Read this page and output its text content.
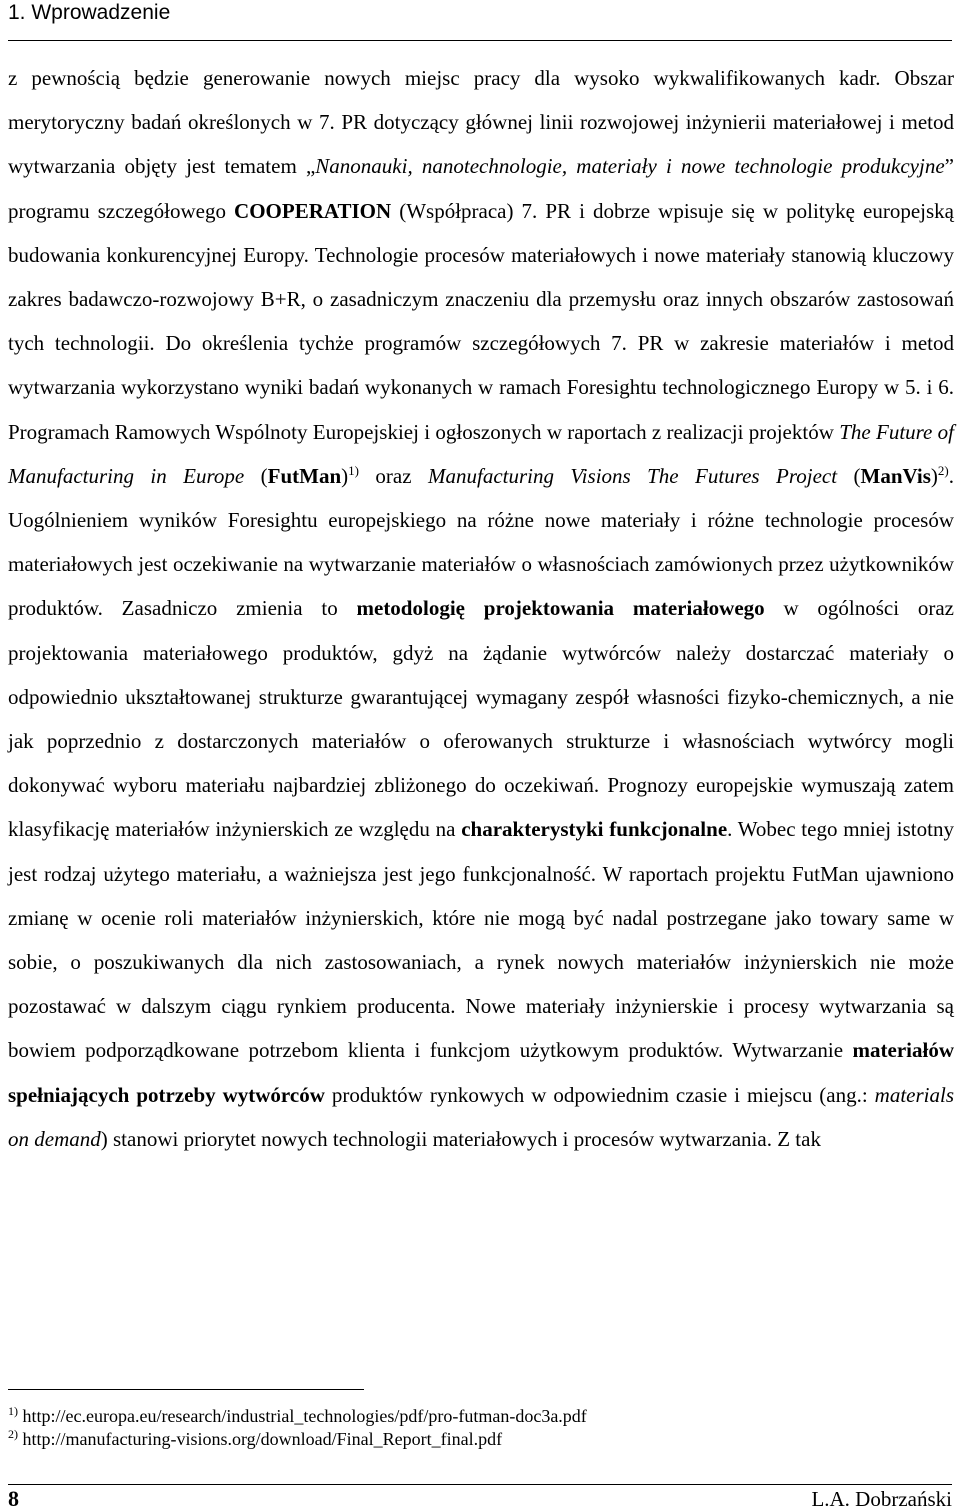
1. Wprowadzenie

z pewnością będzie generowanie nowych miejsc pracy dla wysoko wykwalifikowanych kadr. Obszar merytoryczny badań określonych w 7. PR dotyczący głównej linii rozwojowej inżynierii materiałowej i metod wytwarzania objęty jest tematem „Nanonauki, nanotechnologie, materiały i nowe technologie produkcyjne” programu szczegółowego COOPERATION (Współpraca) 7. PR i dobrze wpisuje się w politykę europejską budowania konkurencyjnej Europy. Technologie procesów materiałowych i nowe materiały stanowią kluczowy zakres badawczo-rozwojowy B+R, o zasadniczym znaczeniu dla przemysłu oraz innych obszarów zastosowań tych technologii. Do określenia tychże programów szczegółowych 7. PR w zakresie materiałów i metod wytwarzania wykorzystano wyniki badań wykonanych w ramach Foresightu technologicznego Europy w 5. i 6. Programach Ramowych Wspólnoty Europejskiej i ogłoszonych w raportach z realizacji projektów The Future of Manufacturing in Europe (FutMan)$^{1)}$ oraz Manufacturing Visions The Futures Project (ManVis)$^{2)}$. Uogólnieniem wyników Foresightu europejskiego na różne nowe materiały i różne technologie procesów materiałowych jest oczekiwanie na wytwarzanie materiałów o własnościach zamówionych przez użytkowników produktów. Zasadniczo zmienia to metodologię projektowania materiałowego w ogólności oraz projektowania materiałowego produktów, gdyż na żądanie wytwórców należy dostarczać materiały o odpowiednio ukształtowanej strukturze gwarantującej wymagany zespół własności fizyko-chemicznych, a nie jak poprzednio z dostarczonych materiałów o oferowanych strukturze i własnościach wytwórcy mogli dokonywać wyboru materiału najbardziej zbliżonego do oczekiwań. Prognozy europejskie wymuszają zatem klasyfikację materiałów inżynierskich ze względu na charakterystyki funkcjonalne. Wobec tego mniej istotny jest rodzaj użytego materiału, a ważniejsza jest jego funkcjonalność. W raportach projektu FutMan ujawniono zmianę w ocenie roli materiałów inżynierskich, które nie mogą być nadal postrzegane jako towary same w sobie, o poszukiwanych dla nich zastosowaniach, a rynek nowych materiałów inżynierskich nie może pozostawać w dalszym ciągu rynkiem producenta. Nowe materiały inżynierskie i procesy wytwarzania są bowiem podporządkowane potrzebom klienta i funkcjom użytkowym produktów. Wytwarzanie materiałów spełniających potrzeby wytwórców produktów rynkowych w odpowiednim czasie i miejscu (ang.: materials on demand) stanowi priorytet nowych technologii materiałowych i procesów wytwarzania. Z tak

$^{1)}$ http://ec.europa.eu/research/industrial_technologies/pdf/pro-futman-doc3a.pdf
$^{2)}$ http://manufacturing-visions.org/download/Final_Report_final.pdf
8	L.A. Dobrzański
